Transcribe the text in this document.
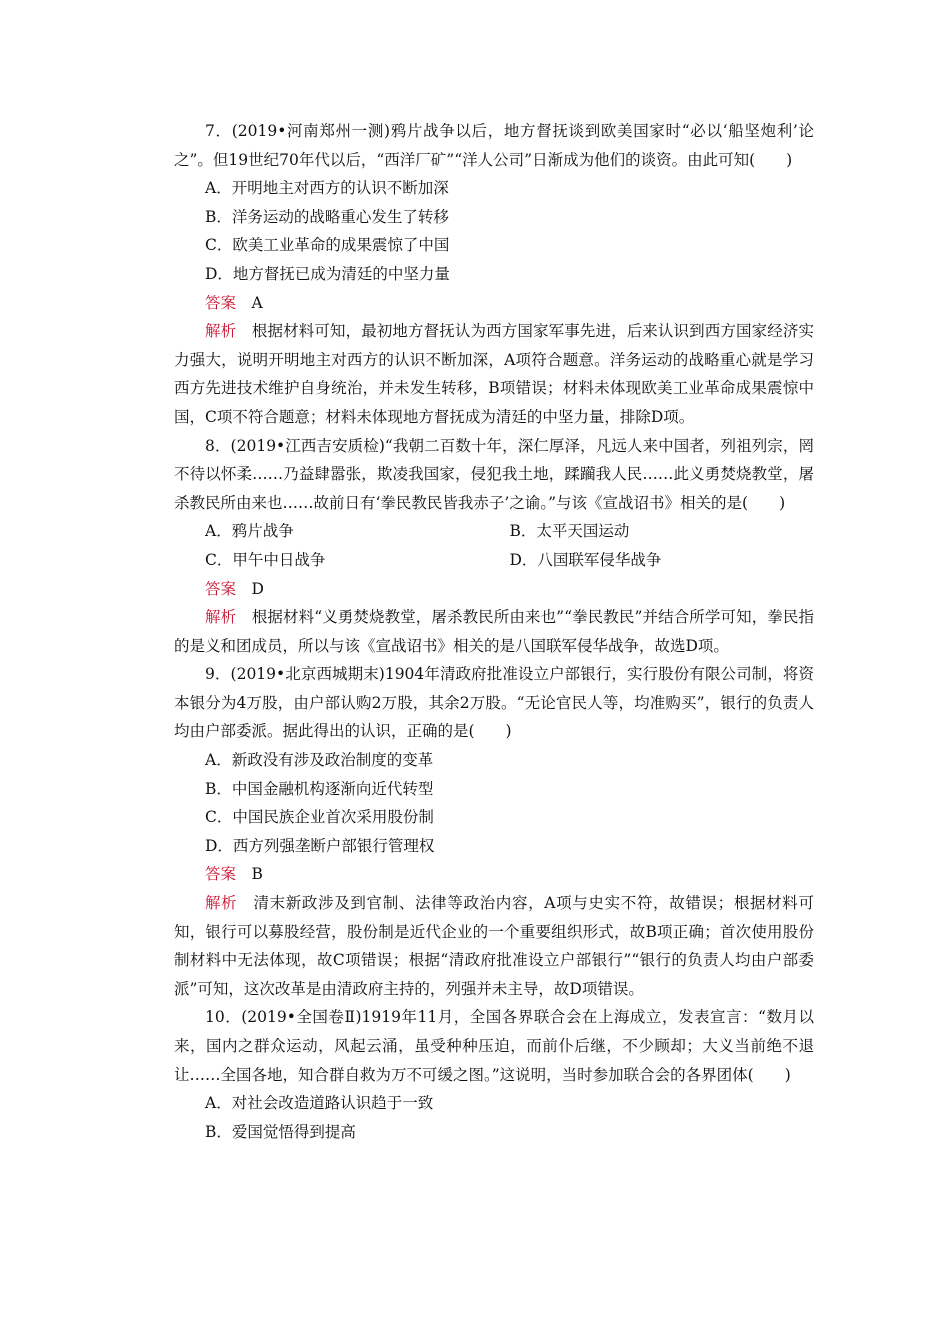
7．(2019•河南郑州一测)鸦片战争以后，地方督抚谈到欧美国家时“必以‘船坚炮利’论之”。但19世纪70年代以后，“西洋厂矿”“洋人公司”日渐成为他们的谈资。由此可知(　　)

A．开明地主对西方的认识不断加深

B．洋务运动的战略重心发生了转移

C．欧美工业革命的成果震惊了中国

D．地方督抚已成为清廷的中坚力量

答案　 A

解析　 根据材料可知，最初地方督抚认为西方国家军事先进，后来认识到西方国家经济实力强大，说明开明地主对西方的认识不断加深，A项符合题意。洋务运动的战略重心就是学习西方先进技术维护自身统治，并未发生转移，B项错误；材料未体现欧美工业革命成果震惊中国，C项不符合题意；材料未体现地方督抚成为清廷的中坚力量，排除D项。

8．(2019•江西吉安质检)“我朝二百数十年，深仁厚泽，凡远人来中国者，列祖列宗，罔不待以怀柔……乃益肆嚣张，欺凌我国家，侵犯我土地，蹂躏我人民……此义勇焚烧教堂，屠杀教民所由来也……故前日有‘拳民教民皆我赤子’之谕。”与该《宣战诏书》相关的是(　　)

A．鸦片战争	B．太平天国运动
C．甲午中日战争	D．八国联军侵华战争

答案　 D

解析　 根据材料“义勇焚烧教堂，屠杀教民所由来也”“拳民教民”并结合所学可知，拳民指的是义和团成员，所以与该《宣战诏书》相关的是八国联军侵华战争，故选D项。

9．(2019•北京西城期末)1904年清政府批准设立户部银行，实行股份有限公司制，将资本银分为4万股，由户部认购2万股，其余2万股。“无论官民人等，均准购买”，银行的负责人均由户部委派。据此得出的认识，正确的是(　　)

A．新政没有涉及政治制度的变革

B．中国金融机构逐渐向近代转型

C．中国民族企业首次采用股份制

D．西方列强垄断户部银行管理权

答案　 B

解析　 清末新政涉及到官制、法律等政治内容，A项与史实不符，故错误；根据材料可知，银行可以募股经营，股份制是近代企业的一个重要组织形式，故B项正确；首次使用股份制材料中无法体现，故C项错误；根据“清政府批准设立户部银行”“银行的负责人均由户部委派”可知，这次改革是由清政府主持的，列强并未主导，故D项错误。

10．(2019•全国卷Ⅱ)1919年11月，全国各界联合会在上海成立，发表宣言：“数月以来，国内之群众运动，风起云涌，虽受种种压迫，而前仆后继，不少顾却；大义当前绝不退让……全国各地，知合群自救为万不可缓之图。”这说明，当时参加联合会的各界团体(　　)

A．对社会改造道路认识趋于一致

B．爱国觉悟得到提高
